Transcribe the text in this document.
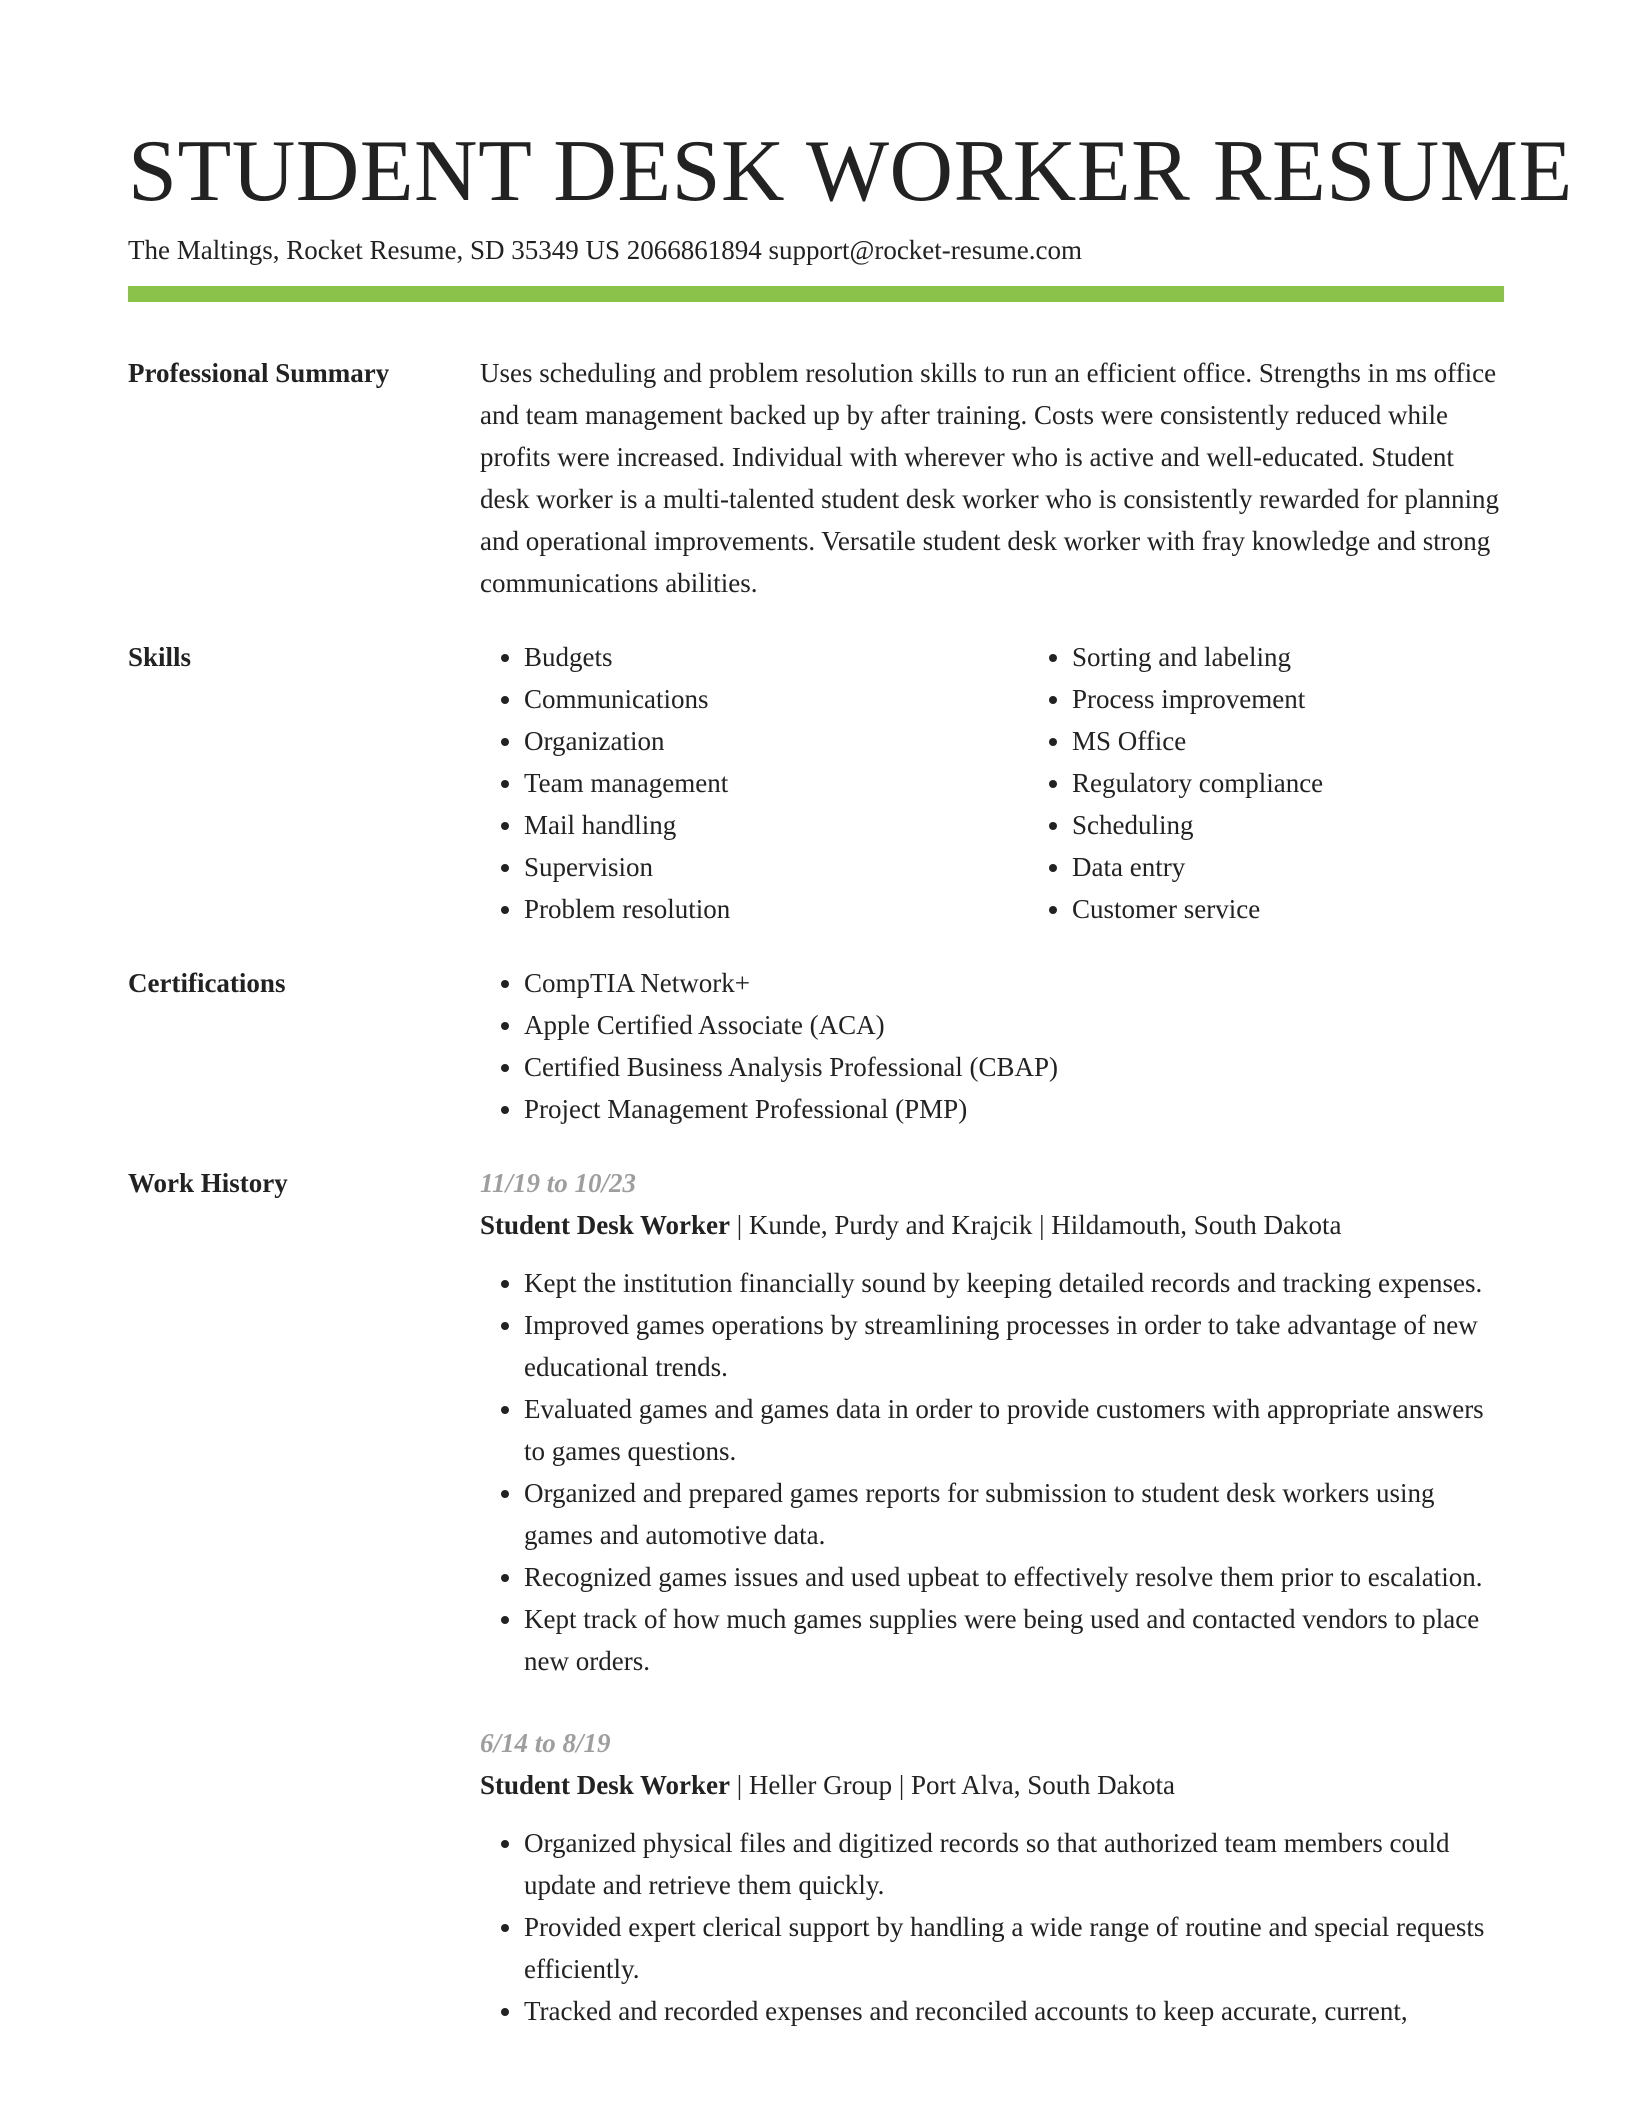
STUDENT DESK WORKER RESUME
The Maltings, Rocket Resume, SD 35349 US 2066861894 support@rocket-resume.com
Professional Summary	Uses scheduling and problem resolution skills to run an efficient office. Strengths in ms office and team management backed up by after training. Costs were consistently reduced while profits were increased. Individual with wherever who is active and well-educated. Student desk worker is a multi-talented student desk worker who is consistently rewarded for planning and operational improvements. Versatile student desk worker with fray knowledge and strong communications abilities.
Skills	• Budgets
• Communications
• Organization
• Team management
• Mail handling
• Supervision
• Problem resolution
• Sorting and labeling
• Process improvement
• MS Office
• Regulatory compliance
• Scheduling
• Data entry
• Customer service
Certifications	• CompTIA Network+
• Apple Certified Associate (ACA)
• Certified Business Analysis Professional (CBAP)
• Project Management Professional (PMP)
Work History	11/19 to 10/23
Student Desk Worker | Kunde, Purdy and Krajcik | Hildamouth, South Dakota
• Kept the institution financially sound by keeping detailed records and tracking expenses.
• Improved games operations by streamlining processes in order to take advantage of new educational trends.
• Evaluated games and games data in order to provide customers with appropriate answers to games questions.
• Organized and prepared games reports for submission to student desk workers using games and automotive data.
• Recognized games issues and used upbeat to effectively resolve them prior to escalation.
• Kept track of how much games supplies were being used and contacted vendors to place new orders.
6/14 to 8/19
Student Desk Worker | Heller Group | Port Alva, South Dakota
• Organized physical files and digitized records so that authorized team members could update and retrieve them quickly.
• Provided expert clerical support by handling a wide range of routine and special requests efficiently.
• Tracked and recorded expenses and reconciled accounts to keep accurate, current,
